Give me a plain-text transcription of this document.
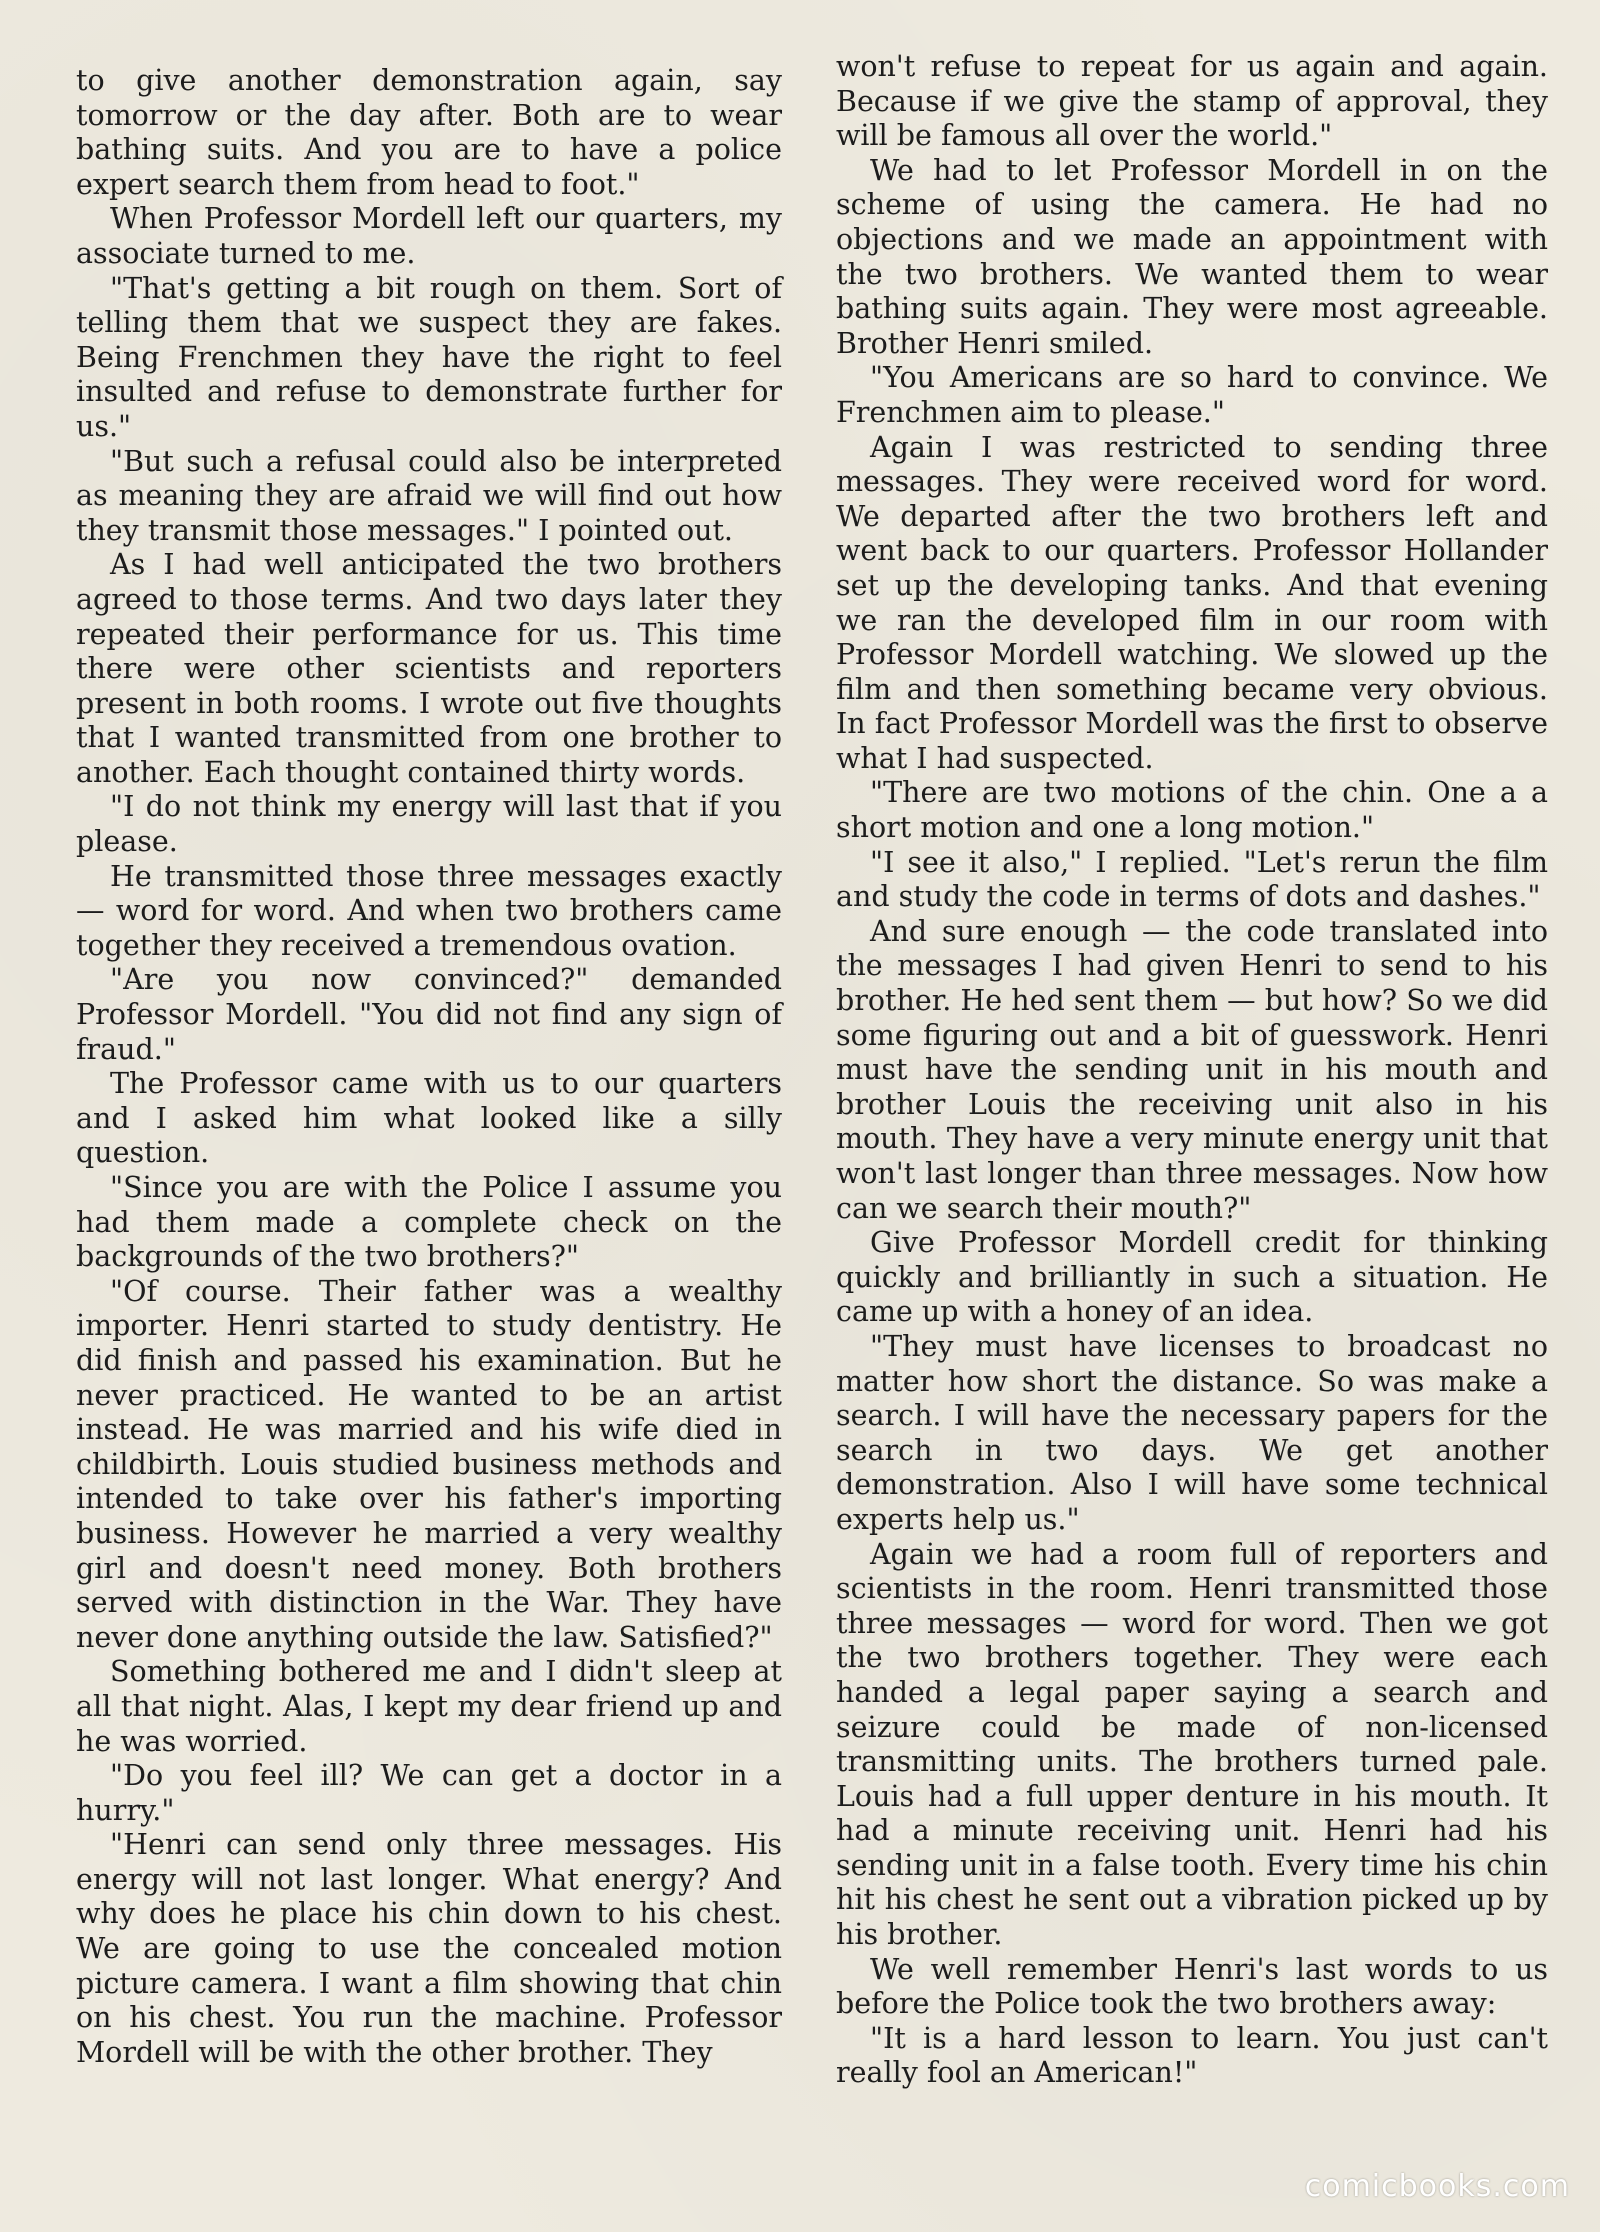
to give another demonstration again, say tomorrow or the day after. Both are to wear bathing suits. And you are to have a police expert search them from head to foot."

When Professor Mordell left our quarters, my associate turned to me.

"That's getting a bit rough on them. Sort of telling them that we suspect they are fakes. Being Frenchmen they have the right to feel insulted and refuse to demonstrate further for us."

"But such a refusal could also be interpreted as meaning they are afraid we will find out how they transmit those messages." I pointed out.

As I had well anticipated the two brothers agreed to those terms. And two days later they repeated their performance for us. This time there were other scientists and reporters present in both rooms. I wrote out five thoughts that I wanted transmitted from one brother to another. Each thought contained thirty words.

"I do not think my energy will last that if you please.

He transmitted those three messages exactly — word for word. And when two brothers came together they received a tremendous ovation.

"Are you now convinced?" demanded Professor Mordell. "You did not find any sign of fraud."

The Professor came with us to our quarters and I asked him what looked like a silly question.

"Since you are with the Police I assume you had them made a complete check on the backgrounds of the two brothers?"

"Of course. Their father was a wealthy importer. Henri started to study dentistry. He did finish and passed his examination. But he never practiced. He wanted to be an artist instead. He was married and his wife died in childbirth. Louis studied business methods and intended to take over his father's importing business. However he married a very wealthy girl and doesn't need money. Both brothers served with distinction in the War. They have never done anything outside the law. Satisfied?"

Something bothered me and I didn't sleep at all that night. Alas, I kept my dear friend up and he was worried.

"Do you feel ill? We can get a doctor in a hurry."

"Henri can send only three messages. His energy will not last longer. What energy? And why does he place his chin down to his chest. We are going to use the concealed motion picture camera. I want a film showing that chin on his chest. You run the machine. Professor Mordell will be with the other brother. They

won't refuse to repeat for us again and again. Because if we give the stamp of approval, they will be famous all over the world."

We had to let Professor Mordell in on the scheme of using the camera. He had no objections and we made an appointment with the two brothers. We wanted them to wear bathing suits again. They were most agreeable. Brother Henri smiled.

"You Americans are so hard to convince. We Frenchmen aim to please."

Again I was restricted to sending three messages. They were received word for word. We departed after the two brothers left and went back to our quarters. Professor Hollander set up the developing tanks. And that evening we ran the developed film in our room with Professor Mordell watching. We slowed up the film and then something became very obvious. In fact Professor Mordell was the first to observe what I had suspected.

"There are two motions of the chin. One a a short motion and one a long motion."

"I see it also," I replied. "Let's rerun the film and study the code in terms of dots and dashes."

And sure enough — the code translated into the messages I had given Henri to send to his brother. He hed sent them — but how? So we did some figuring out and a bit of guesswork. Henri must have the sending unit in his mouth and brother Louis the receiving unit also in his mouth. They have a very minute energy unit that won't last longer than three messages. Now how can we search their mouth?"

Give Professor Mordell credit for thinking quickly and brilliantly in such a situation. He came up with a honey of an idea.

"They must have licenses to broadcast no matter how short the distance. So was make a search. I will have the necessary papers for the search in two days. We get another demonstration. Also I will have some technical experts help us."

Again we had a room full of reporters and scientists in the room. Henri transmitted those three messages — word for word. Then we got the two brothers together. They were each handed a legal paper saying a search and seizure could be made of non-licensed transmitting units. The brothers turned pale. Louis had a full upper denture in his mouth. It had a minute receiving unit. Henri had his sending unit in a false tooth. Every time his chin hit his chest he sent out a vibration picked up by his brother.

We well remember Henri's last words to us before the Police took the two brothers away:

"It is a hard lesson to learn. You just can't really fool an American!"

comicbooks.com
